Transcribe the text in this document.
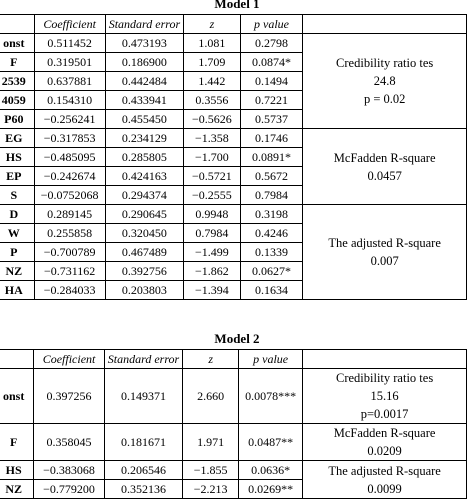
Model 1
	Coefficient	Standard error	z	p value	
onst	0.511452	0.473193	1.081	0.2798	Credibility ratio tes
24.8
p = 0.02

F	0.319501	0.186900	1.709	0.0874*	
2539	0.637881	0.442484	1.442	0.1494	
4059	0.154310	0.433941	0.3556	0.7221	
P60	−0.256241	0.455450	−0.5626	0.5737	
EG	−0.317853	0.234129	−1.358	0.1746	McFadden R-square
0.0457

HS	−0.485095	0.285805	−1.700	0.0891*	
EP	−0.242674	0.424163	−0.5721	0.5672	
S	−0.0752068	0.294374	−0.2555	0.7984	
D	0.289145	0.290645	0.9948	0.3198	The adjusted R-square
0.007

W	0.255858	0.320450	0.7984	0.4246	
P	−0.700789	0.467489	−1.499	0.1339	
NZ	−0.731162	0.392756	−1.862	0.0627*	
HA	−0.284033	0.203803	−1.394	0.1634	
Model 2
	Coefficient	Standard error	z	p value	
onst	0.397256	0.149371	2.660	0.0078***	Credibility ratio tes
15.16
p=0.0017

F	0.358045	0.181671	1.971	0.0487**	McFadden R-square
0.0209

HS	−0.383068	0.206546	−1.855	0.0636*	The adjusted R-square
0.0099

NZ	−0.779200	0.352136	−2.213	0.0269**	
